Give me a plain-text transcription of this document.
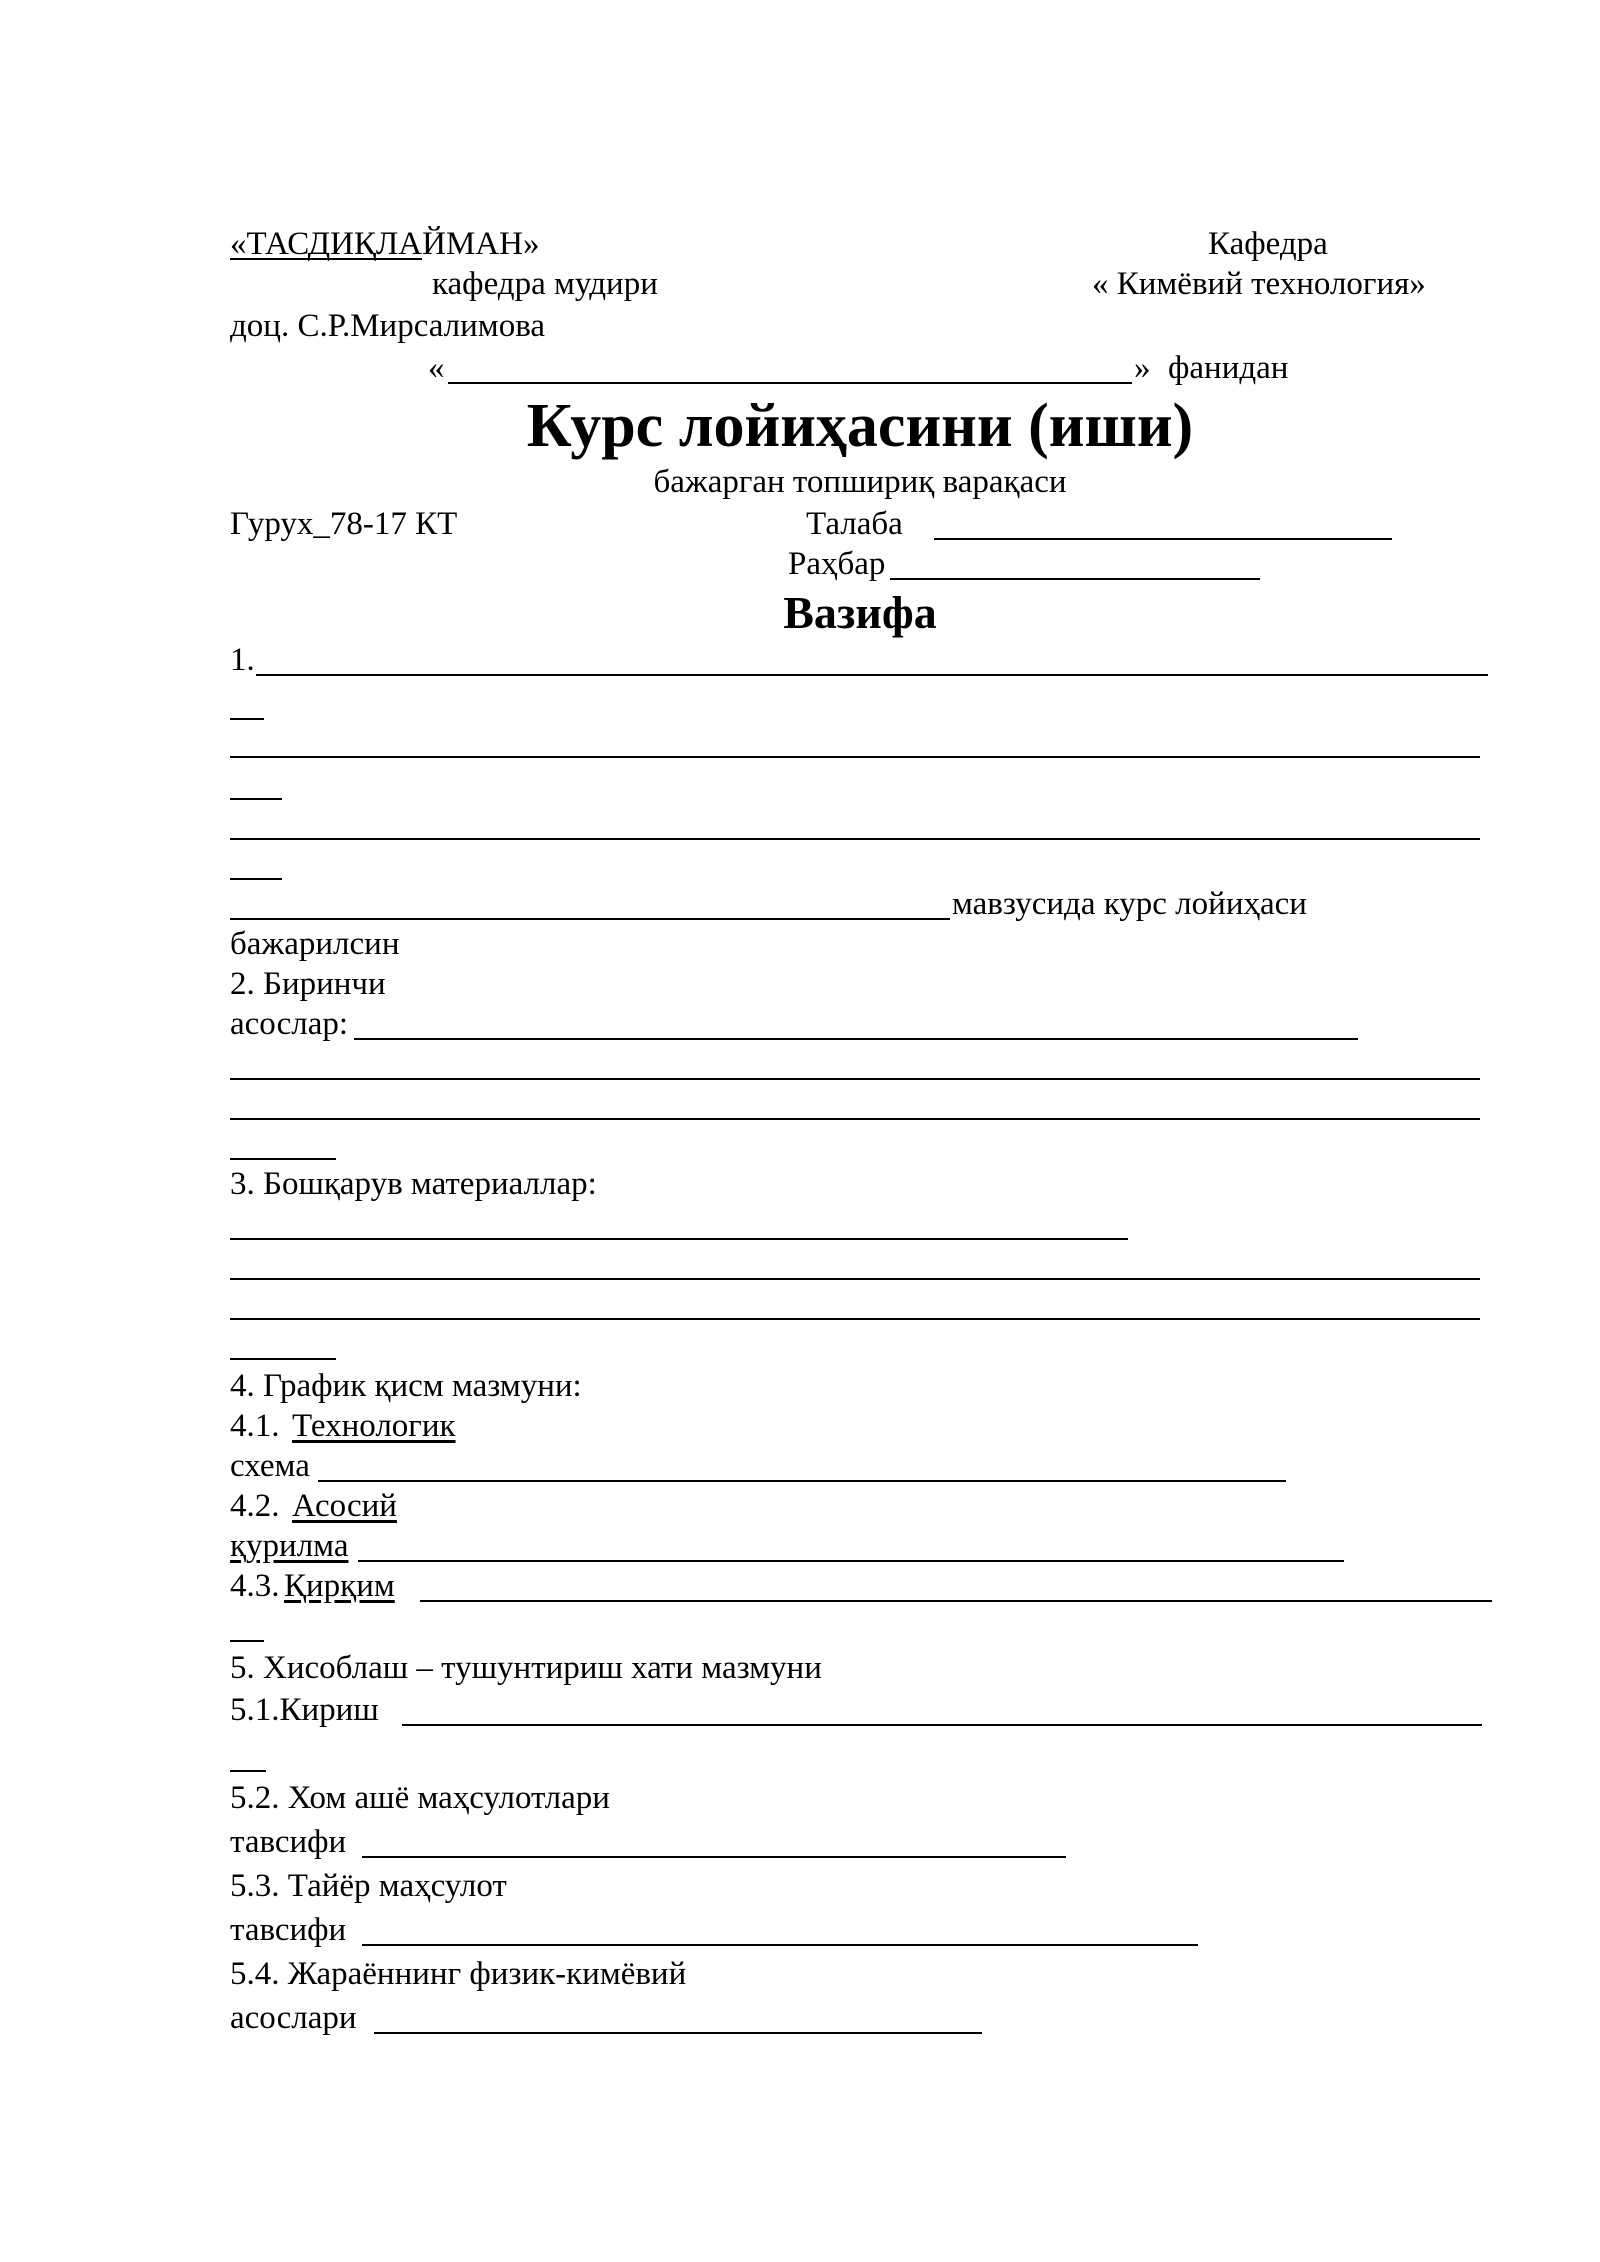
«ТАСДИҚЛАЙМАН»
кафедра мудири
доц. С.Р.Мирсалимова
Кафедра
« Кимёвий технология»
«	» фанидан
Курс лойиҳасини (иши)
бажарган топшириқ варақаси
Гурух_78-17 КТ	Талаба
Раҳбар
Вазифа
1.
мавзусида курс лойиҳаси
бажарилсин
2. Биринчи
асослар:
3. Бошқарув материаллар:
4. График қисм мазмуни:
4.1. Технологик
схема
4.2. Асосий
қурилма
4.3. Қирқим
5. Хисоблаш – тушунтириш хати мазмуни
5.1.Кириш
5.2. Хом ашё маҳсулотлари
тавсифи
5.3. Тайёр маҳсулот
тавсифи
5.4. Жараённинг физик-кимёвий
асослари
